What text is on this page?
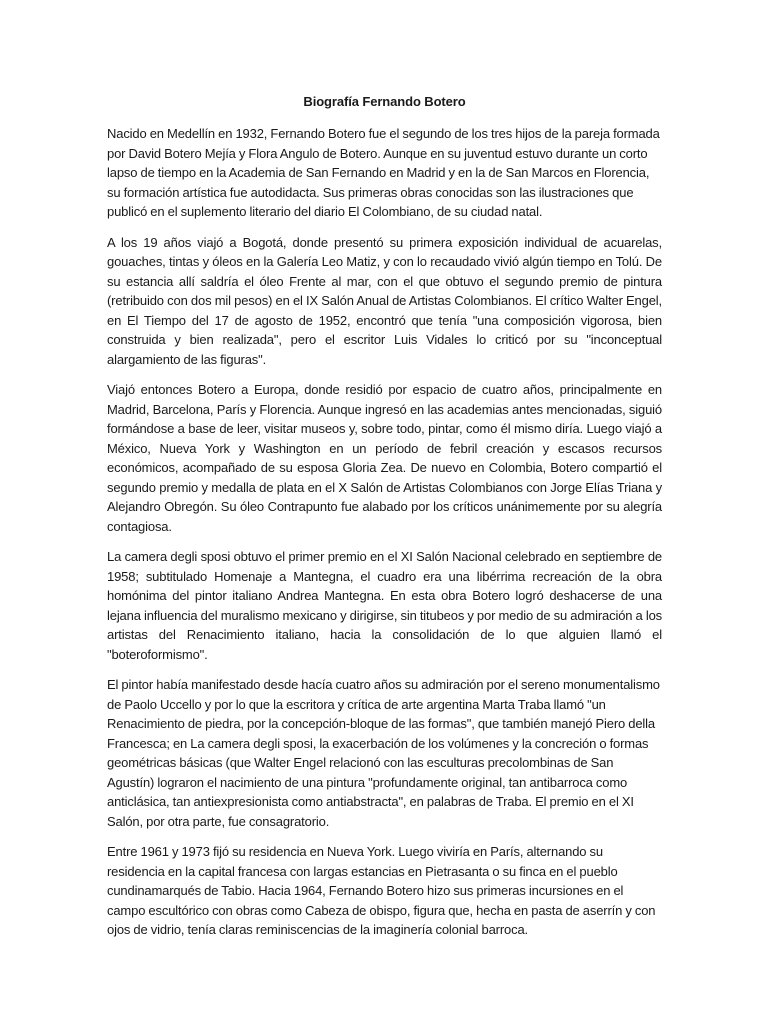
Biografía Fernando Botero

Nacido en Medellín en 1932, Fernando Botero fue el segundo de los tres hijos de la pareja formada por David Botero Mejía y Flora Angulo de Botero. Aunque en su juventud estuvo durante un corto lapso de tiempo en la Academia de San Fernando en Madrid y en la de San Marcos en Florencia, su formación artística fue autodidacta. Sus primeras obras conocidas son las ilustraciones que publicó en el suplemento literario del diario El Colombiano, de su ciudad natal.

A los 19 años viajó a Bogotá, donde presentó su primera exposición individual de acuarelas, gouaches, tintas y óleos en la Galería Leo Matiz, y con lo recaudado vivió algún tiempo en Tolú. De su estancia allí saldría el óleo Frente al mar, con el que obtuvo el segundo premio de pintura (retribuido con dos mil pesos) en el IX Salón Anual de Artistas Colombianos. El crítico Walter Engel, en El Tiempo del 17 de agosto de 1952, encontró que tenía "una composición vigorosa, bien construida y bien realizada", pero el escritor Luis Vidales lo criticó por su "inconceptual alargamiento de las figuras".

Viajó entonces Botero a Europa, donde residió por espacio de cuatro años, principalmente en Madrid, Barcelona, París y Florencia. Aunque ingresó en las academias antes mencionadas, siguió formándose a base de leer, visitar museos y, sobre todo, pintar, como él mismo diría. Luego viajó a México, Nueva York y Washington en un período de febril creación y escasos recursos económicos, acompañado de su esposa Gloria Zea. De nuevo en Colombia, Botero compartió el segundo premio y medalla de plata en el X Salón de Artistas Colombianos con Jorge Elías Triana y Alejandro Obregón. Su óleo Contrapunto fue alabado por los críticos unánimemente por su alegría contagiosa.

La camera degli sposi obtuvo el primer premio en el XI Salón Nacional celebrado en septiembre de 1958; subtitulado Homenaje a Mantegna, el cuadro era una libérrima recreación de la obra homónima del pintor italiano Andrea Mantegna. En esta obra Botero logró deshacerse de una lejana influencia del muralismo mexicano y dirigirse, sin titubeos y por medio de su admiración a los artistas del Renacimiento italiano, hacia la consolidación de lo que alguien llamó el "boteroformismo".

El pintor había manifestado desde hacía cuatro años su admiración por el sereno monumentalismo de Paolo Uccello y por lo que la escritora y crítica de arte argentina Marta Traba llamó "un Renacimiento de piedra, por la concepción-bloque de las formas", que también manejó Piero della Francesca; en La camera degli sposi, la exacerbación de los volúmenes y la concreción o formas geométricas básicas (que Walter Engel relacionó con las esculturas precolombinas de San Agustín) lograron el nacimiento de una pintura "profundamente original, tan antibarroca como anticlásica, tan antiexpresionista como antiabstracta", en palabras de Traba. El premio en el XI Salón, por otra parte, fue consagratorio.

Entre 1961 y 1973 fijó su residencia en Nueva York. Luego viviría en París, alternando su residencia en la capital francesa con largas estancias en Pietrasanta o su finca en el pueblo cundinamarqués de Tabio. Hacia 1964, Fernando Botero hizo sus primeras incursiones en el campo escultórico con obras como Cabeza de obispo, figura que, hecha en pasta de aserrín y con ojos de vidrio, tenía claras reminiscencias de la imaginería colonial barroca.
